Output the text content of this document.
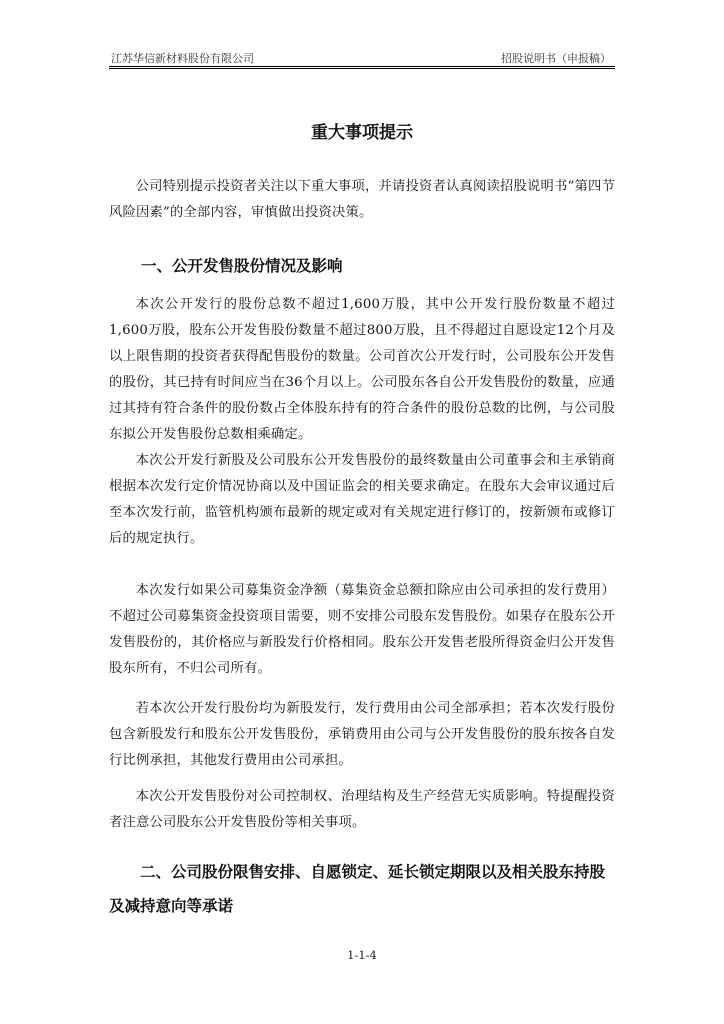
江苏华信新材料股份有限公司	招股说明书（申报稿）
重大事项提示

公司特别提示投资者关注以下重大事项，并请投资者认真阅读招股说明书“第四节 风险因素”的全部内容，审慎做出投资决策。

一、公开发售股份情况及影响

本次公开发行的股份总数不超过1,600万股，其中公开发行股份数量不超过1,600万股，股东公开发售股份数量不超过800万股，且不得超过自愿设定12个月及以上限售期的投资者获得配售股份的数量。公司首次公开发行时，公司股东公开发售的股份，其已持有时间应当在36个月以上。公司股东各自公开发售股份的数量，应通过其持有符合条件的股份数占全体股东持有的符合条件的股份总数的比例，与公司股东拟公开发售股份总数相乘确定。

本次公开发行新股及公司股东公开发售股份的最终数量由公司董事会和主承销商根据本次发行定价情况协商以及中国证监会的相关要求确定。在股东大会审议通过后至本次发行前，监管机构颁布最新的规定或对有关规定进行修订的，按新颁布或修订后的规定执行。

本次发行如果公司募集资金净额（募集资金总额扣除应由公司承担的发行费用）不超过公司募集资金投资项目需要，则不安排公司股东发售股份。如果存在股东公开发售股份的，其价格应与新股发行价格相同。股东公开发售老股所得资金归公开发售股东所有，不归公司所有。

若本次公开发行股份均为新股发行，发行费用由公司全部承担；若本次发行股份包含新股发行和股东公开发售股份，承销费用由公司与公开发售股份的股东按各自发行比例承担，其他发行费用由公司承担。

本次公开发售股份对公司控制权、治理结构及生产经营无实质影响。特提醒投资者注意公司股东公开发售股份等相关事项。

二、公司股份限售安排、自愿锁定、延长锁定期限以及相关股东持股及减持意向等承诺

1-1-4
